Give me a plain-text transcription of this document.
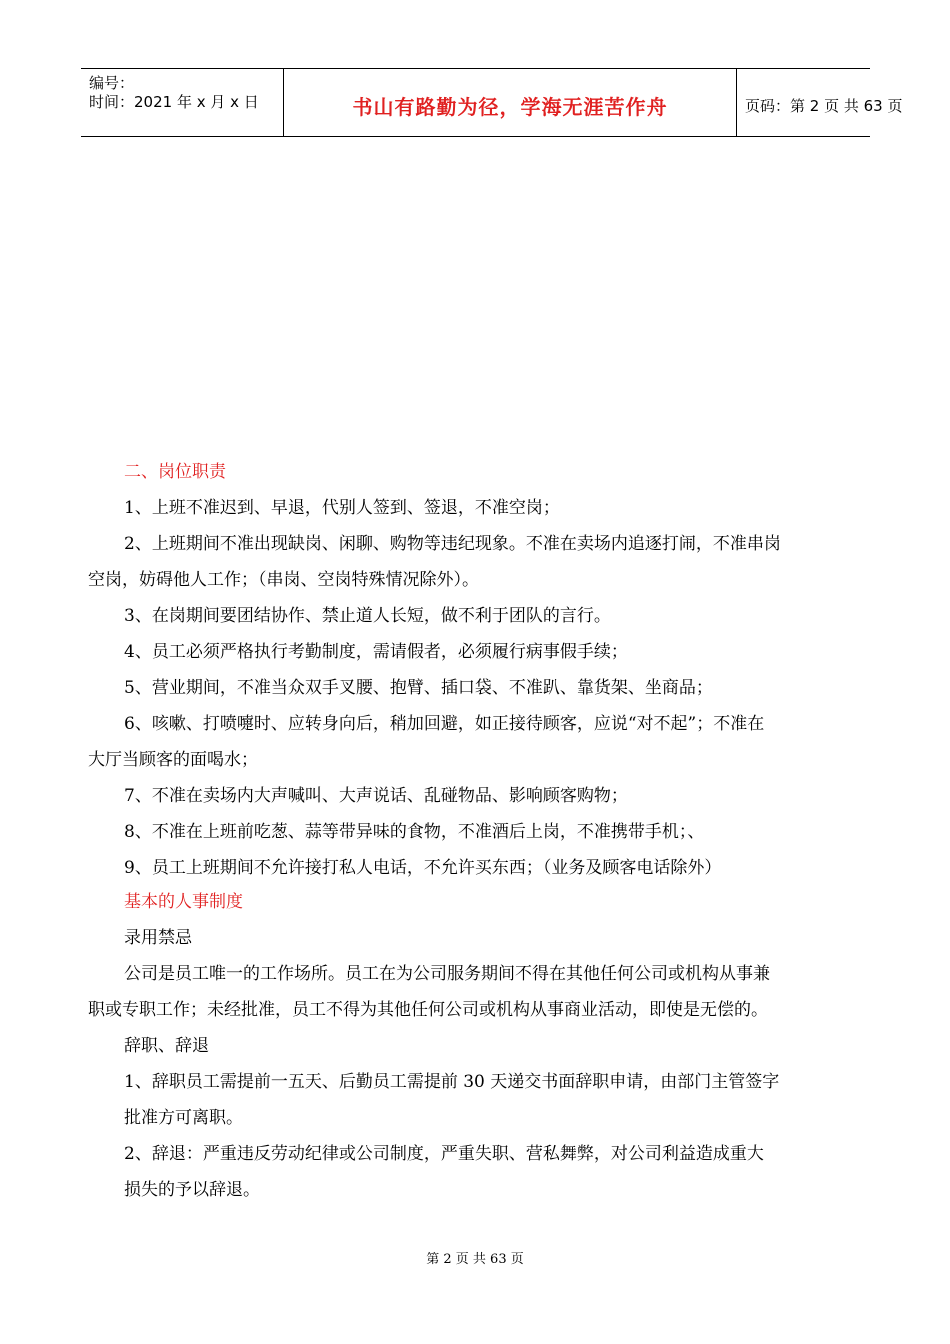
编号：
时间：2021 年 x 月 x 日	书山有路勤为径，学海无涯苦作舟	页码：第 2 页 共 63 页
二、岗位职责
1、上班不准迟到、早退，代别人签到、签退，不准空岗；
2、上班期间不准出现缺岗、闲聊、购物等违纪现象。不准在卖场内追逐打闹，不准串岗
空岗，妨碍他人工作；（串岗、空岗特殊情况除外）。
3、在岗期间要团结协作、禁止道人长短，做不利于团队的言行。
4、员工必须严格执行考勤制度，需请假者，必须履行病事假手续；
5、营业期间，不准当众双手叉腰、抱臂、插口袋、不准趴、靠货架、坐商品；
6、咳嗽、打喷嚏时、应转身向后，稍加回避，如正接待顾客，应说“对不起”；不准在
大厅当顾客的面喝水；
7、不准在卖场内大声喊叫、大声说话、乱碰物品、影响顾客购物；
8、不准在上班前吃葱、蒜等带异味的食物，不准酒后上岗，不准携带手机；、
9、员工上班期间不允许接打私人电话，不允许买东西；（业务及顾客电话除外）
基本的人事制度
录用禁忌
公司是员工唯一的工作场所。员工在为公司服务期间不得在其他任何公司或机构从事兼
职或专职工作；未经批准，员工不得为其他任何公司或机构从事商业活动，即使是无偿的。
辞职、辞退
1、辞职员工需提前一五天、后勤员工需提前 30 天递交书面辞职申请，由部门主管签字
批准方可离职。
2、辞退：严重违反劳动纪律或公司制度，严重失职、营私舞弊，对公司利益造成重大
损失的予以辞退。
第 2 页 共 63 页
